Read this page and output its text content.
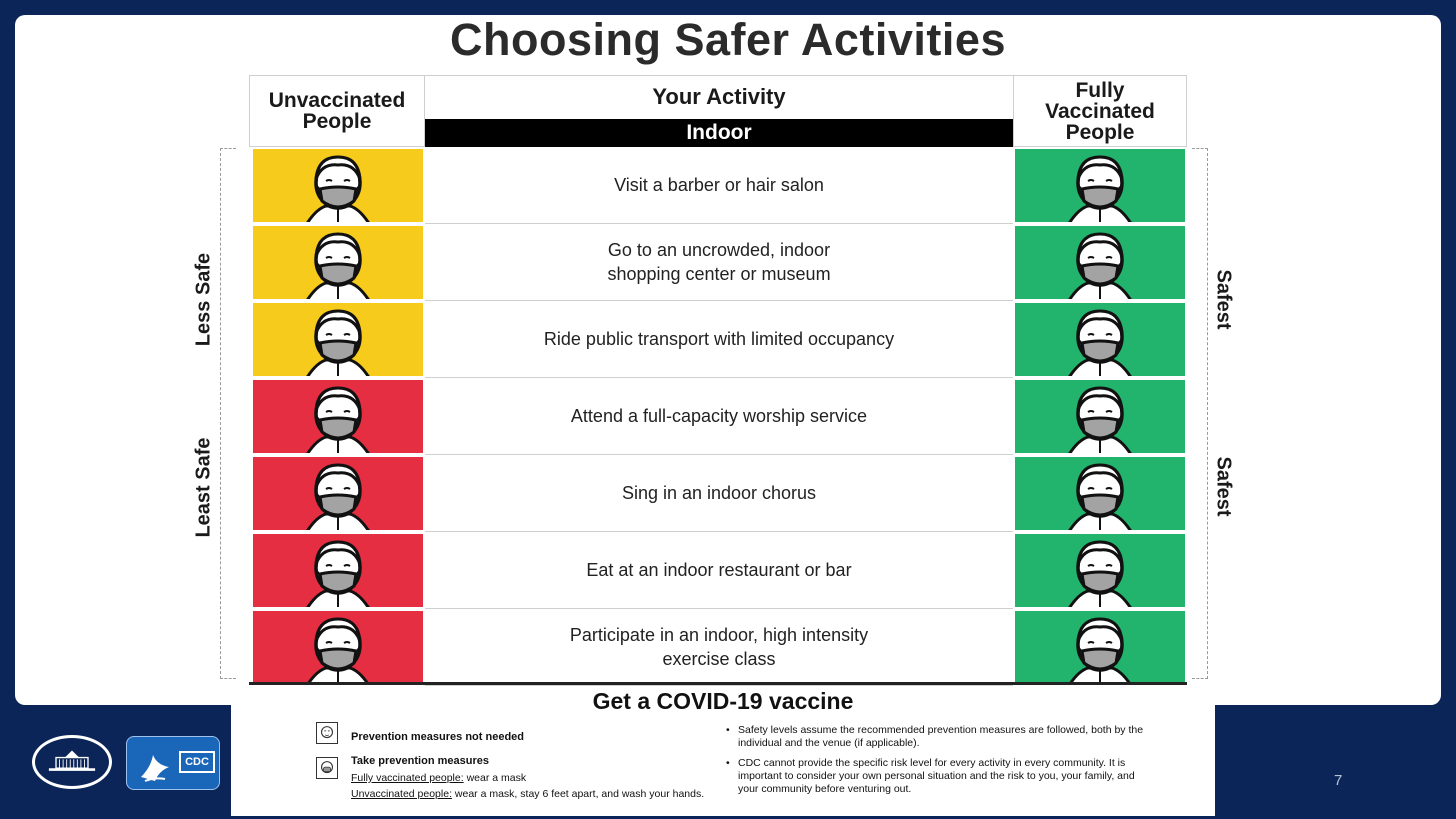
Choosing Safer Activities
Unvaccinated
People
Your Activity
Indoor
Fully
Vaccinated
People
Visit a barber or hair salon
Go to an uncrowded, indoor
shopping center or museum
Ride public transport with limited occupancy
Attend a full-capacity worship service
Sing in an indoor chorus
Eat at an indoor restaurant or bar
Participate in an indoor, high intensity
exercise class
Less Safe
Least Safe
Safest
Safest
Get a COVID-19 vaccine
Prevention measures not needed
Take prevention measures
Fully vaccinated people: wear a mask
Unvaccinated people: wear a mask, stay 6 feet apart, and wash your hands.
• Safety levels assume the recommended prevention measures are followed, both by the individual and the venue (if applicable).
• CDC cannot provide the specific risk level for every activity in every community. It is important to consider your own personal situation and the risk to you, your family, and your community before venturing out.
CDC
7
